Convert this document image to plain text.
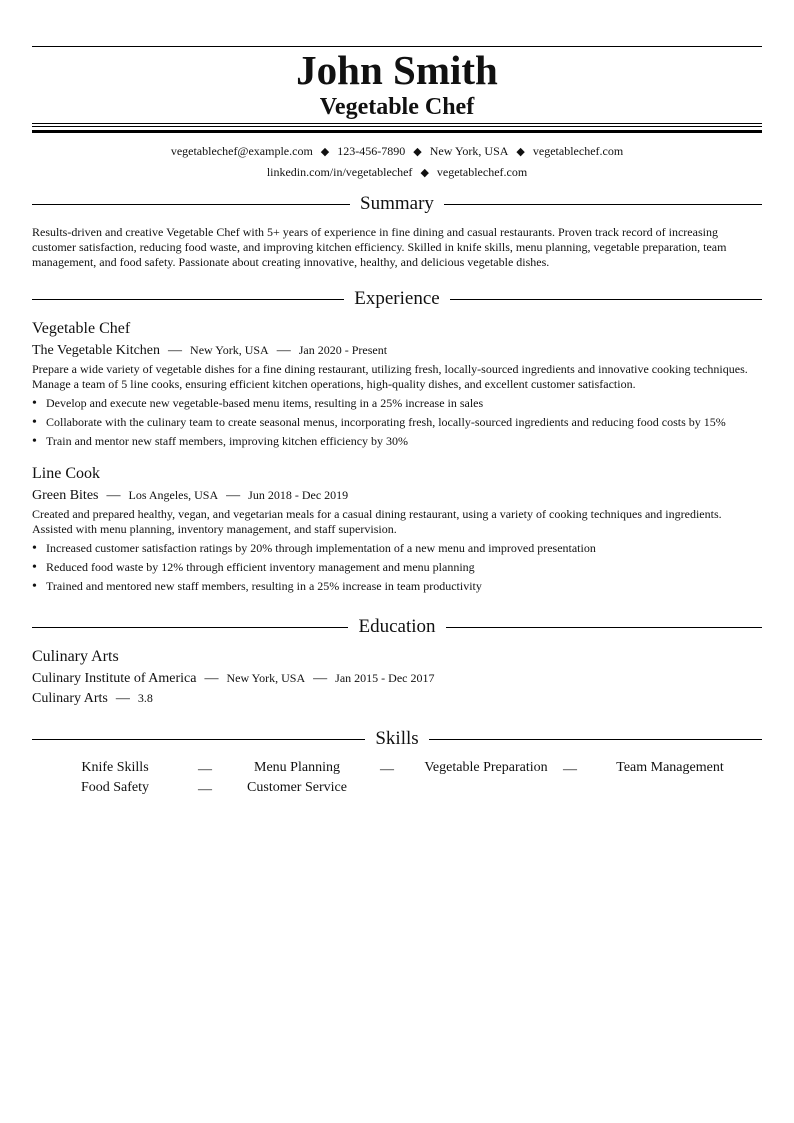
John Smith
Vegetable Chef
vegetablechef@example.com ◆ 123-456-7890 ◆ New York, USA ◆ vegetablechef.com
linkedin.com/in/vegetablechef ◆ vegetablechef.com
Summary
Results-driven and creative Vegetable Chef with 5+ years of experience in fine dining and casual restaurants. Proven track record of increasing customer satisfaction, reducing food waste, and improving kitchen efficiency. Skilled in knife skills, menu planning, vegetable preparation, team management, and food safety. Passionate about creating innovative, healthy, and delicious vegetable dishes.
Experience
Vegetable Chef
The Vegetable Kitchen — New York, USA — Jan 2020 - Present
Prepare a wide variety of vegetable dishes for a fine dining restaurant, utilizing fresh, locally-sourced ingredients and innovative cooking techniques. Manage a team of 5 line cooks, ensuring efficient kitchen operations, high-quality dishes, and excellent customer satisfaction.
• Develop and execute new vegetable-based menu items, resulting in a 25% increase in sales
• Collaborate with the culinary team to create seasonal menus, incorporating fresh, locally-sourced ingredients and reducing food costs by 15%
• Train and mentor new staff members, improving kitchen efficiency by 30%
Line Cook
Green Bites — Los Angeles, USA — Jun 2018 - Dec 2019
Created and prepared healthy, vegan, and vegetarian meals for a casual dining restaurant, using a variety of cooking techniques and ingredients. Assisted with menu planning, inventory management, and staff supervision.
• Increased customer satisfaction ratings by 20% through implementation of a new menu and improved presentation
• Reduced food waste by 12% through efficient inventory management and menu planning
• Trained and mentored new staff members, resulting in a 25% increase in team productivity
Education
Culinary Arts
Culinary Institute of America — New York, USA — Jan 2015 - Dec 2017
Culinary Arts — 3.8
Skills
Knife Skills	—	Menu Planning	—	Vegetable Preparation	—	Team Management
Food Safety	—	Customer Service
